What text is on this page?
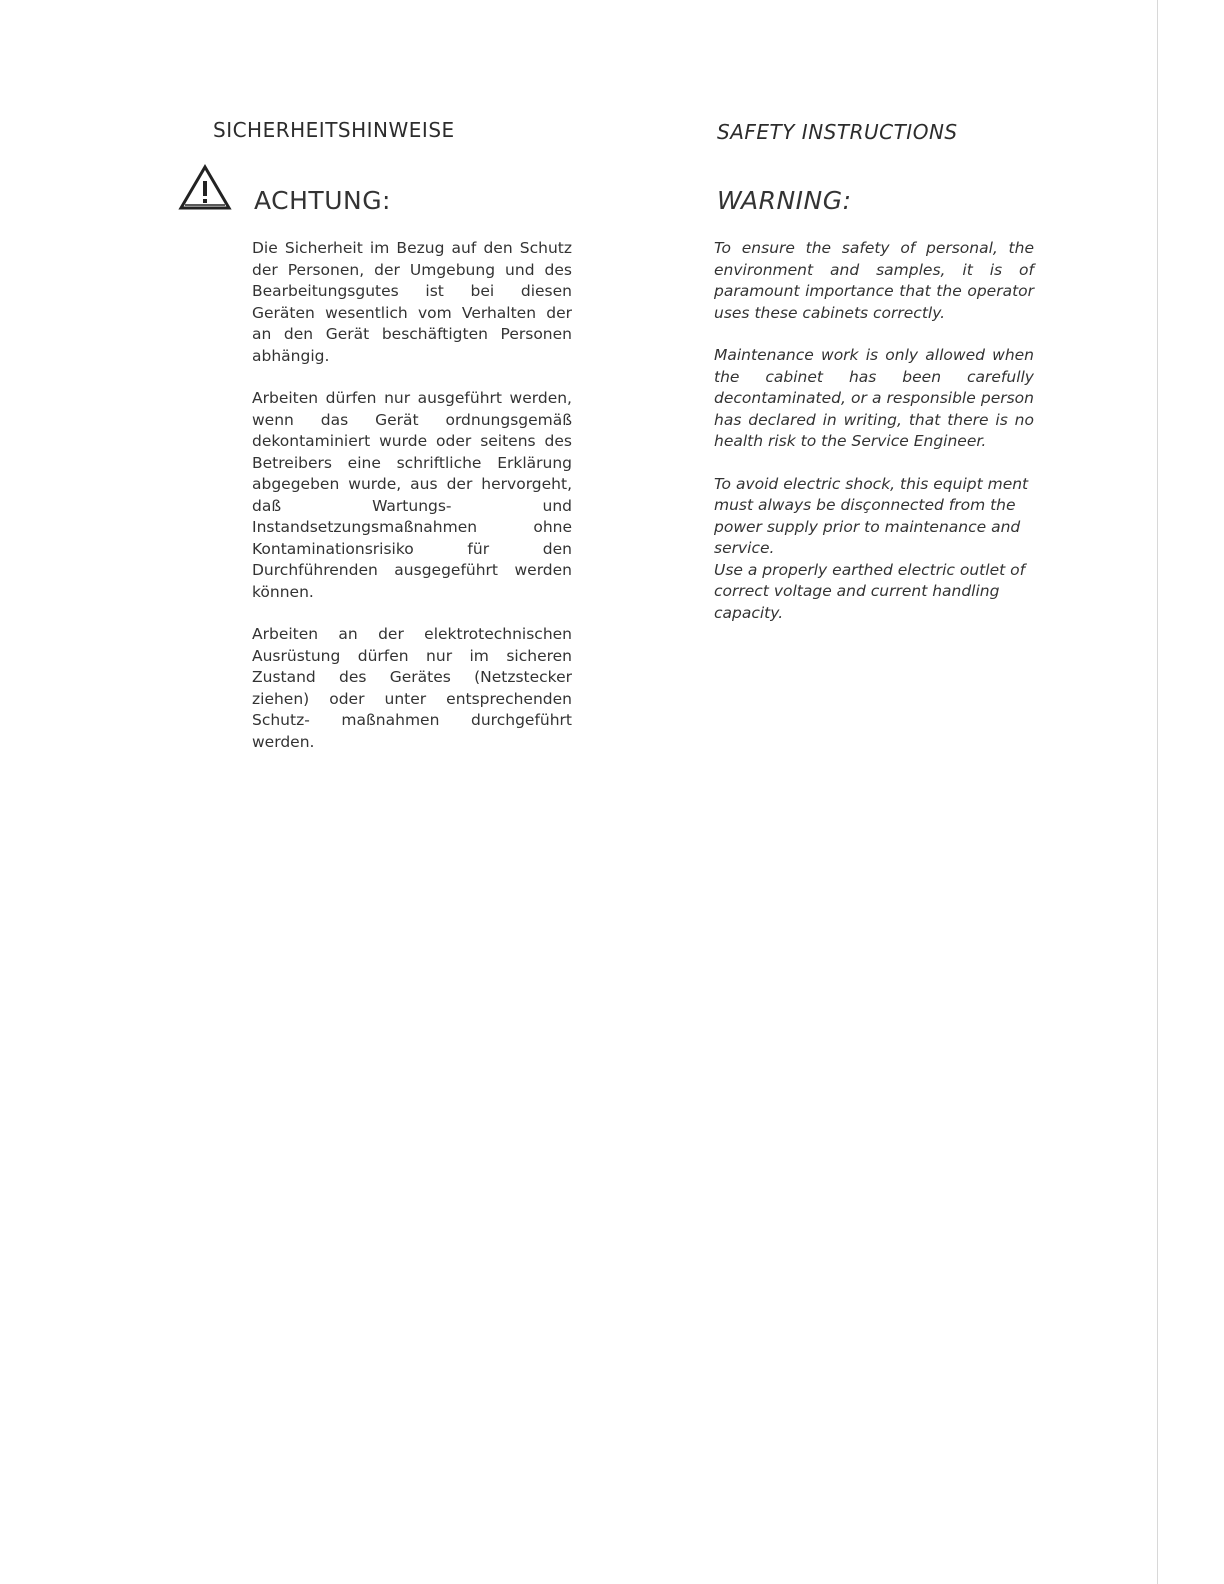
SICHERHEITSHINWEISE	SAFETY INSTRUCTIONS
ACHTUNG:	WARNING:

Die Sicherheit im Bezug auf den Schutz der Personen, der Umgebung und des Bearbeitungsgutes ist bei diesen Geräten wesentlich vom Verhalten der an den Gerät beschäftigten Personen abhängig.

Arbeiten dürfen nur ausgeführt werden, wenn das Gerät ordnungsgemäß dekontaminiert wurde oder seitens des Betreibers eine schriftliche Erklärung abgegeben wurde, aus der hervorgeht, daß Wartungs- und Instandsetzungsmaßnahmen ohne Kontaminationsrisiko für den Durchführenden ausgegeführt werden können.

Arbeiten an der elektrotechnischen Ausrüstung dürfen nur im sicheren Zustand des Gerätes (Netzstecker ziehen) oder unter entsprechenden Schutz- maßnahmen durchgeführt werden.

To ensure the safety of personal, the environment and samples, it is of paramount importance that the operator uses these cabinets correctly.

Maintenance work is only allowed when the cabinet has been carefully decontaminated, or a responsible person has declared in writing, that there is no health risk to the Service Engineer.

To avoid electric shock, this equipt ment must always be disçonnected from the power supply prior to maintenance and service.
Use a properly earthed electric outlet of correct voltage and current handling capacity.
